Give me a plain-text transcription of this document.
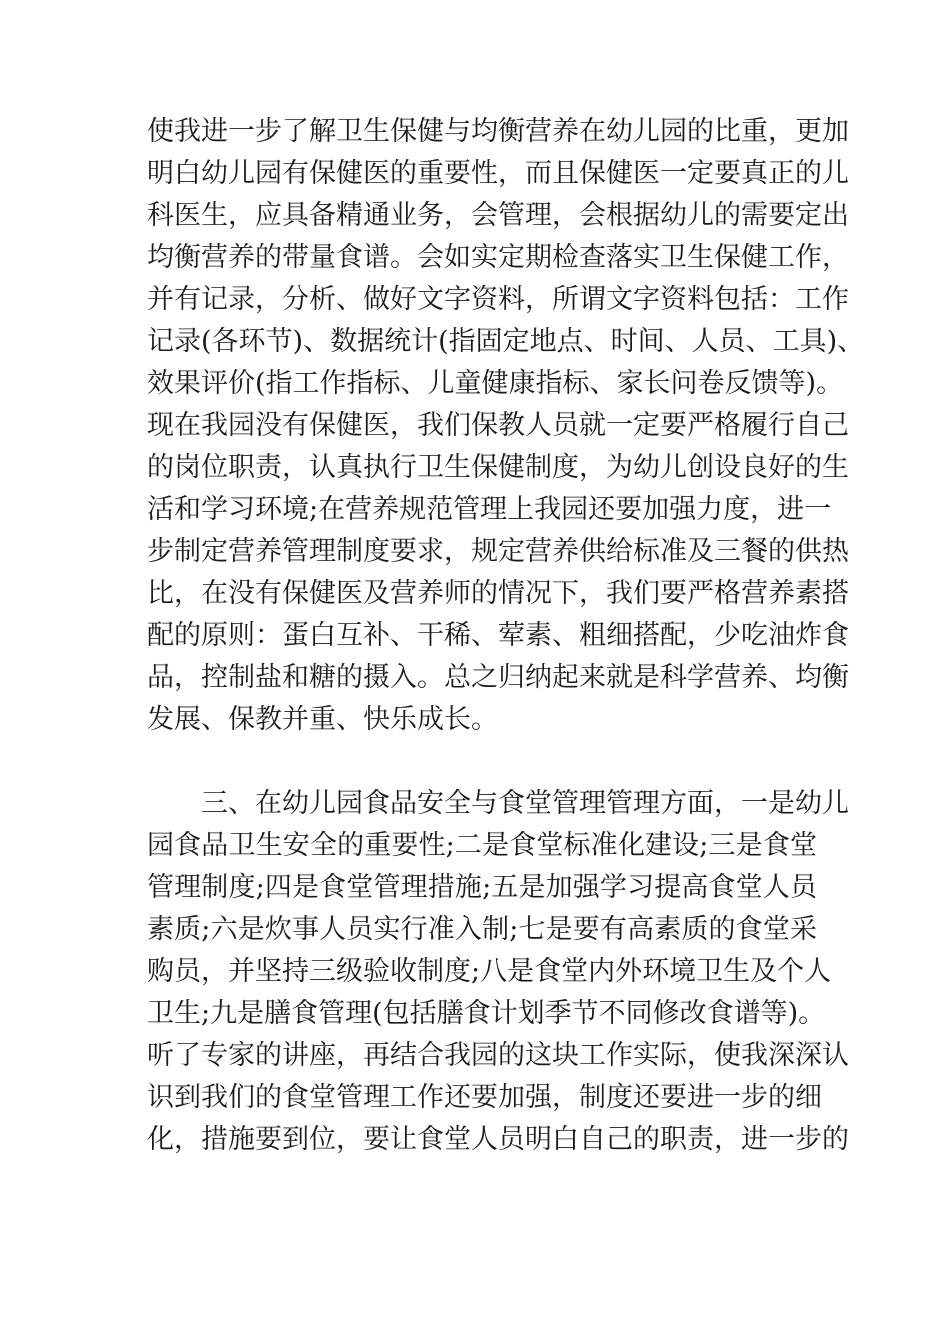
使我进一步了解卫生保健与均衡营养在幼儿园的比重，更加
明白幼儿园有保健医的重要性，而且保健医一定要真正的儿
科医生，应具备精通业务，会管理，会根据幼儿的需要定出
均衡营养的带量食谱。会如实定期检查落实卫生保健工作，
并有记录，分析、做好文字资料，所谓文字资料包括：工作
记录(各环节)、数据统计(指固定地点、时间、人员、工具)、
效果评价(指工作指标、儿童健康指标、家长问卷反馈等)。
现在我园没有保健医，我们保教人员就一定要严格履行自己
的岗位职责，认真执行卫生保健制度，为幼儿创设良好的生
活和学习环境;在营养规范管理上我园还要加强力度，进一
步制定营养管理制度要求，规定营养供给标准及三餐的供热
比，在没有保健医及营养师的情况下，我们要严格营养素搭
配的原则：蛋白互补、干稀、荤素、粗细搭配，少吃油炸食
品，控制盐和糖的摄入。总之归纳起来就是科学营养、均衡
发展、保教并重、快乐成长。
三、在幼儿园食品安全与食堂管理管理方面，一是幼儿
园食品卫生安全的重要性;二是食堂标准化建设;三是食堂
管理制度;四是食堂管理措施;五是加强学习提高食堂人员
素质;六是炊事人员实行准入制;七是要有高素质的食堂采
购员，并坚持三级验收制度;八是食堂内外环境卫生及个人
卫生;九是膳食管理(包括膳食计划季节不同修改食谱等)。
听了专家的讲座，再结合我园的这块工作实际，使我深深认
识到我们的食堂管理工作还要加强，制度还要进一步的细
化，措施要到位，要让食堂人员明白自己的职责，进一步的
